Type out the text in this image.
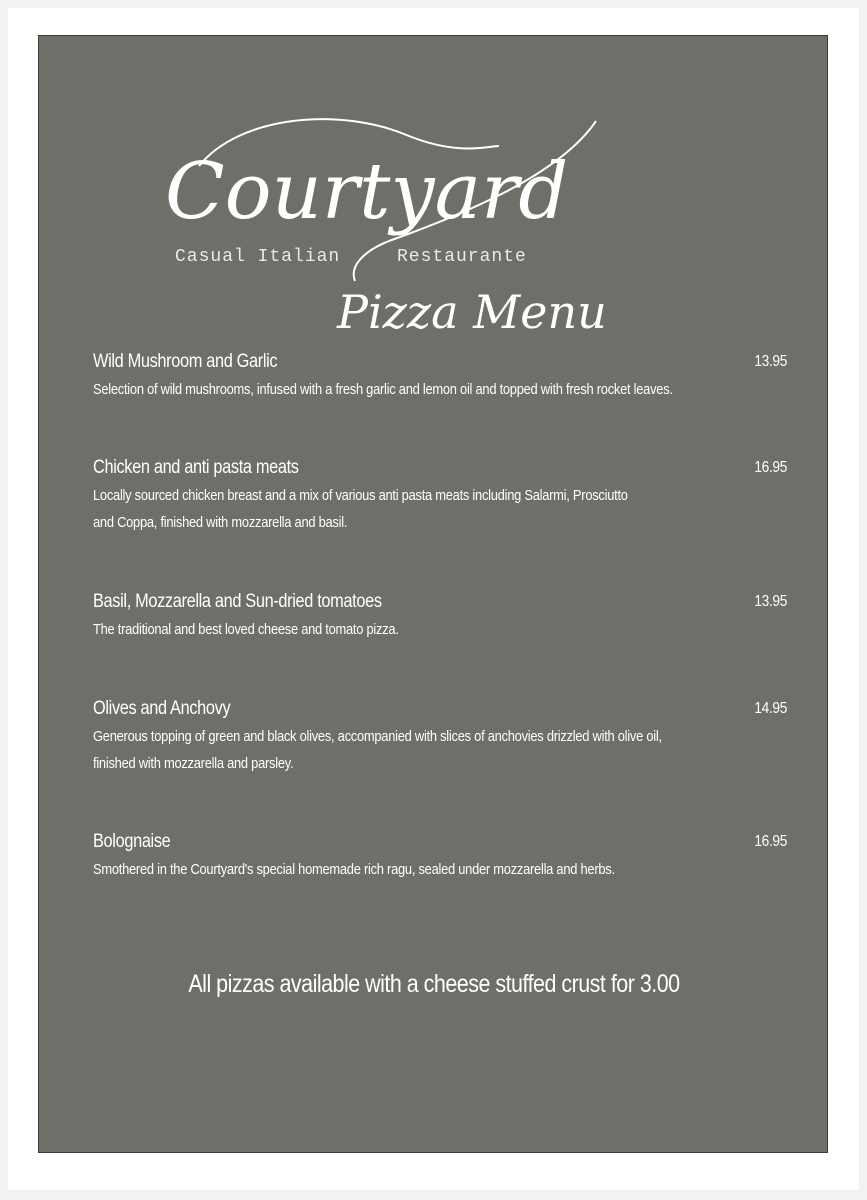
Courtyard
Casual Italian	Restaurante
Pizza Menu
Wild Mushroom and Garlic
Selection of wild mushrooms, infused with a fresh garlic and lemon oil and topped with fresh rocket leaves.
13.95
Chicken and anti pasta meats
Locally sourced chicken breast and a mix of various anti pasta meats including Salarmi, Prosciutto
and Coppa, finished with mozzarella and basil.
16.95
Basil, Mozzarella and Sun-dried tomatoes
The traditional and best loved cheese and tomato pizza.
13.95
Olives and Anchovy
Generous topping of green and black olives, accompanied with slices of anchovies drizzled with olive oil,
finished with mozzarella and parsley.
14.95
Bolognaise
Smothered in the Courtyard's special homemade rich ragu, sealed under mozzarella and herbs.
16.95
All pizzas available with a cheese stuffed crust for 3.00
